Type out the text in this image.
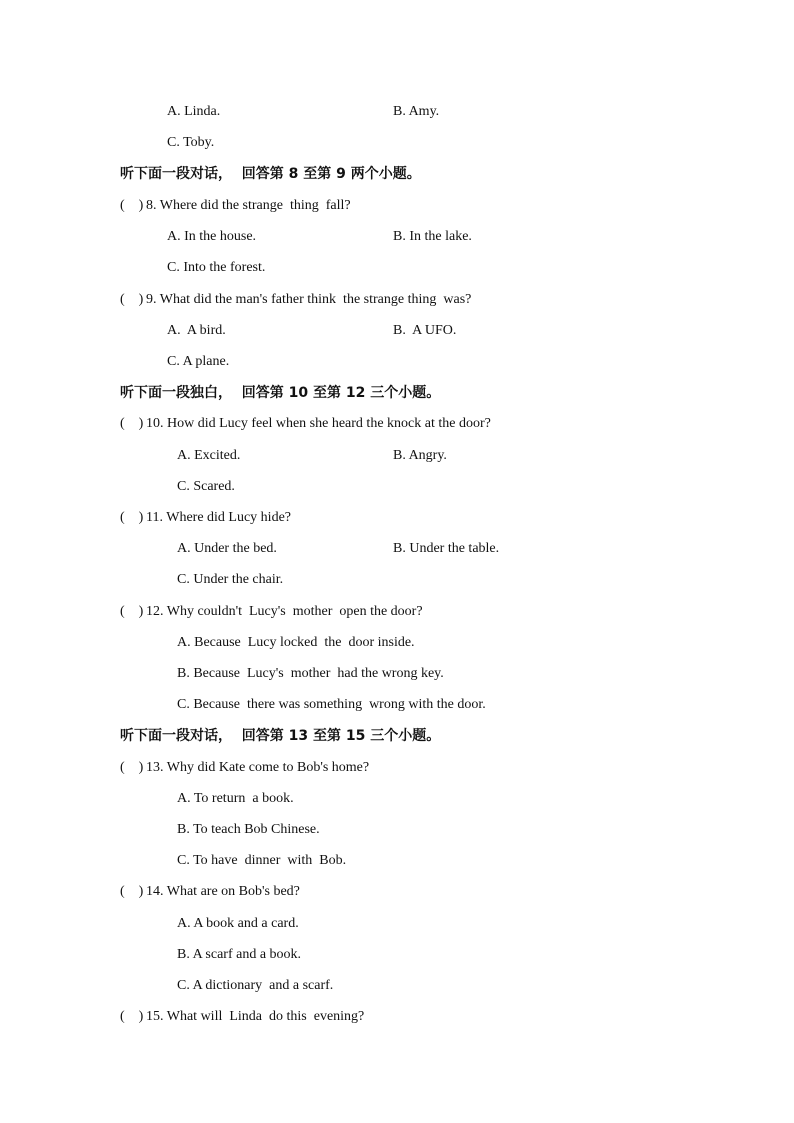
A. Linda.	B. Amy.
C. Toby.
听下面一段对话，  回答第 8 至第 9 两个小题。
(    ) 8. Where did the strange  thing  fall?
A. In the house.	B. In the lake.
C. Into the forest.
(    ) 9. What did the man's father think  the strange thing  was?
A.  A bird.	B.  A UFO.
C. A plane.
听下面一段独白，  回答第 10 至第 12 三个小题。
(    ) 10. How did Lucy feel when she heard the knock at the door?
A. Excited.	B. Angry.
C. Scared.
(    ) 11. Where did Lucy hide?
A. Under the bed.	B. Under the table.
C. Under the chair.
(    ) 12. Why couldn't  Lucy's  mother  open the door?
A. Because  Lucy locked  the  door inside.
B. Because  Lucy's  mother  had the wrong key.
C. Because  there was something  wrong with the door.
听下面一段对话，  回答第 13 至第 15 三个小题。
(    ) 13. Why did Kate come to Bob's home?
A. To return  a book.
B. To teach Bob Chinese.
C. To have  dinner  with  Bob.
(    ) 14. What are on Bob's bed?
A. A book and a card.
B. A scarf and a book.
C. A dictionary  and a scarf.
(    ) 15. What will  Linda  do this  evening?
